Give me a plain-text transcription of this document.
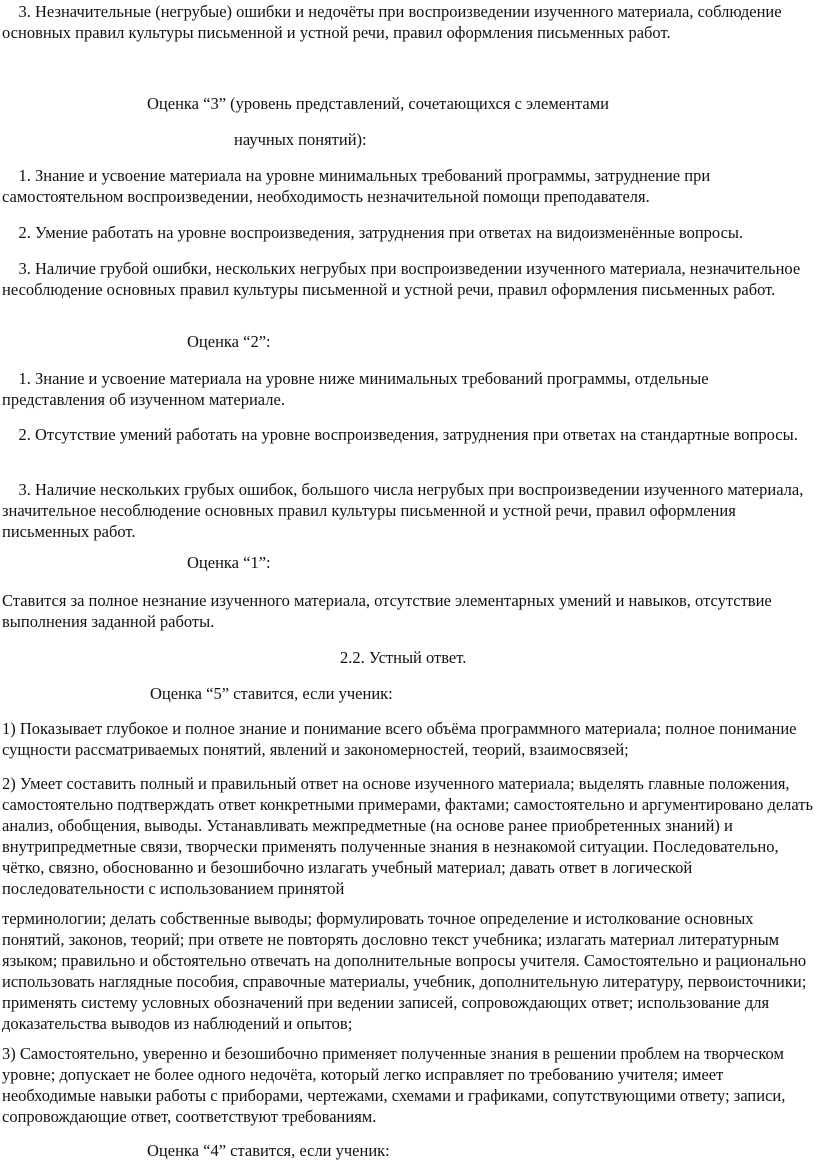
3. Незначительные (негрубые) ошибки и недочёты при воспроизведении изученного материала, соблюдение основных правил культуры письменной и устной речи, правил оформления письменных работ.

Оценка “3” (уровень представлений, сочетающихся с элементами

научных понятий):

1. Знание и усвоение материала на уровне минимальных требований программы, затруднение при самостоятельном воспроизведении, необходимость незначительной помощи преподавателя.

2. Умение работать на уровне воспроизведения, затруднения при ответах на видоизменённые вопросы.

3. Наличие грубой ошибки, нескольких негрубых при воспроизведении изученного материала, незначительное несоблюдение основных правил культуры письменной и устной речи, правил оформления письменных работ.

Оценка “2”:

1. Знание и усвоение материала на уровне ниже минимальных требований программы, отдельные представления об изученном материале.

2. Отсутствие умений работать на уровне воспроизведения, затруднения при ответах на стандартные вопросы.

3. Наличие нескольких грубых ошибок, большого числа негрубых при воспроизведении изученного материала, значительное несоблюдение основных правил культуры письменной и устной речи, правил оформления письменных работ.

Оценка “1”:

Ставится за полное незнание изученного материала, отсутствие элементарных умений и навыков, отсутствие выполнения заданной работы.

2.2. Устный ответ.

Оценка “5” ставится, если ученик:

1) Показывает глубокое и полное знание и понимание всего объёма программного материала; полное понимание сущности рассматриваемых понятий, явлений и закономерностей, теорий, взаимосвязей;

2) Умеет составить полный и правильный ответ на основе изученного материала; выделять главные положения, самостоятельно подтверждать ответ конкретными примерами, фактами; самостоятельно и аргументировано делать анализ, обобщения, выводы. Устанавливать межпредметные (на основе ранее приобретенных знаний) и внутрипредметные связи, творчески применять полученные знания в незнакомой ситуации. Последовательно, чётко, связно, обоснованно и безошибочно излагать учебный материал; давать ответ в логической последовательности с использованием принятой

терминологии; делать собственные выводы; формулировать точное определение и истолкование основных понятий, законов, теорий; при ответе не повторять дословно текст учебника; излагать материал литературным языком; правильно и обстоятельно отвечать на дополнительные вопросы учителя. Самостоятельно и рационально использовать наглядные пособия, справочные материалы, учебник, дополнительную литературу, первоисточники; применять систему условных обозначений при ведении записей, сопровождающих ответ; использование для доказательства выводов из наблюдений и опытов;

3) Самостоятельно, уверенно и безошибочно применяет полученные знания в решении проблем на творческом уровне; допускает не более одного недочёта, который легко исправляет по требованию учителя; имеет необходимые навыки работы с приборами, чертежами, схемами и графиками, сопутствующими ответу; записи, сопровождающие ответ, соответствуют требованиям.

Оценка “4” ставится, если ученик:
